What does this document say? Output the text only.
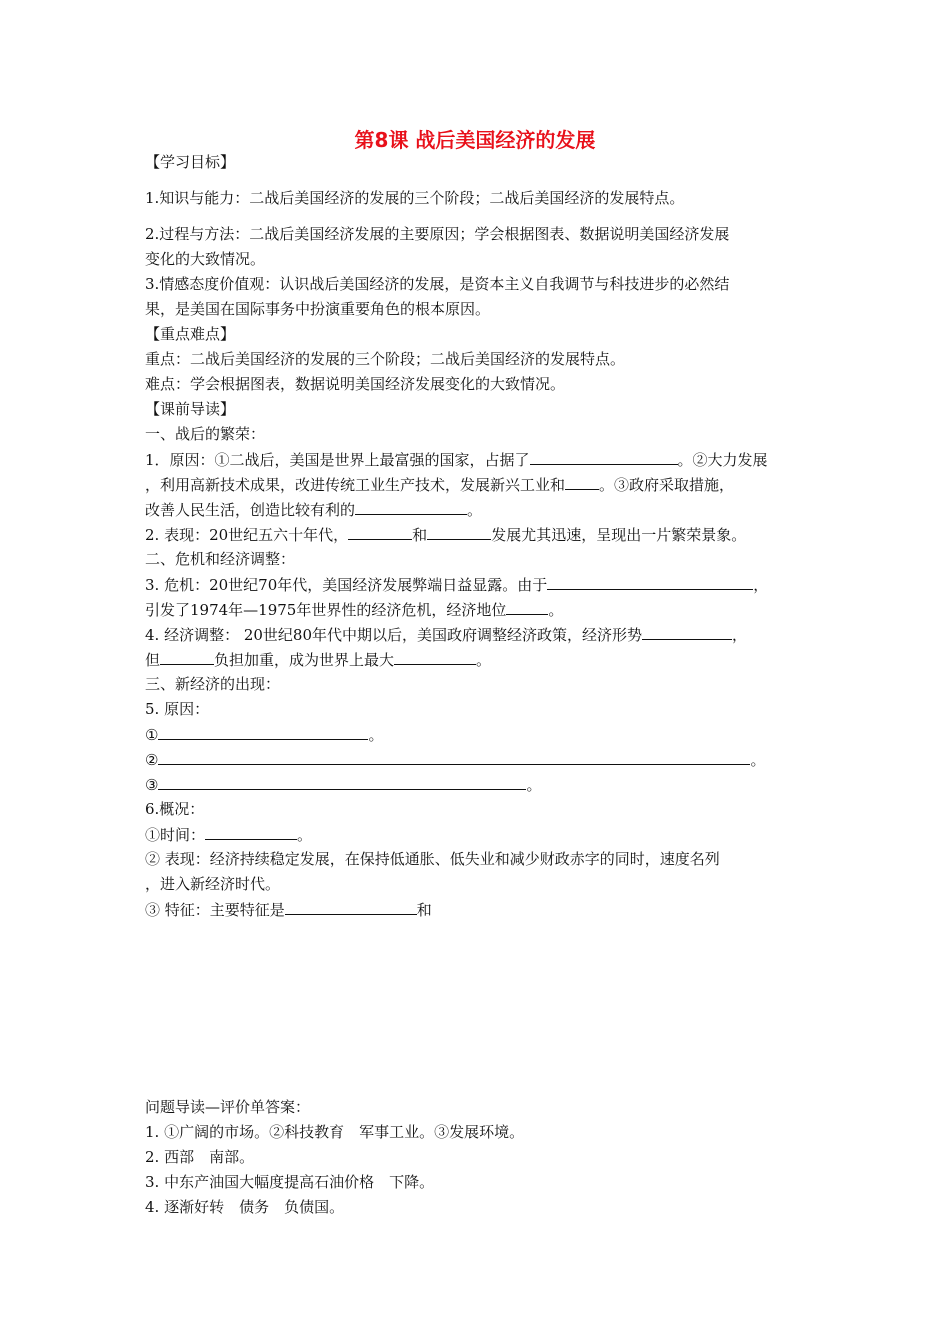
第8课 战后美国经济的发展
【学习目标】
1.知识与能力：二战后美国经济的发展的三个阶段；二战后美国经济的发展特点。
2.过程与方法：二战后美国经济发展的主要原因；学会根据图表、数据说明美国经济发展
变化的大致情况。
3.情感态度价值观：认识战后美国经济的发展，是资本主义自我调节与科技进步的必然结
果，是美国在国际事务中扮演重要角色的根本原因。
【重点难点】
重点：二战后美国经济的发展的三个阶段；二战后美国经济的发展特点。
难点：学会根据图表，数据说明美国经济发展变化的大致情况。
【课前导读】
一、战后的繁荣：
1．原因：①二战后，美国是世界上最富强的国家，占据了	。②大力发展
，利用高新技术成果，改进传统工业生产技术，发展新兴工业和 。③政府采取措施，
改善人民生活，创造比较有利的	。
2. 表现：20世纪五六十年代，	和	发展尤其迅速，呈现出一片繁荣景象。
二、危机和经济调整：
3. 危机：20世纪70年代，美国经济发展弊端日益显露。由于	，
引发了1974年—1975年世界性的经济危机，经济地位	。
4. 经济调整： 20世纪80年代中期以后，美国政府调整经济政策，经济形势	，
但	负担加重，成为世界上最大	。
三、新经济的出现：
5. 原因：
①	。
②	。
③	。
6.概况：
①时间：	。
② 表现：经济持续稳定发展，在保持低通胀、低失业和减少财政赤字的同时，速度名列
，进入新经济时代。
③ 特征：主要特征是	和
问题导读—评价单答案：
1. ①广阔的市场。②科技教育　军事工业。③发展环境。
2. 西部　南部。
3. 中东产油国大幅度提高石油价格　下降。
4. 逐渐好转　债务　负债国。
